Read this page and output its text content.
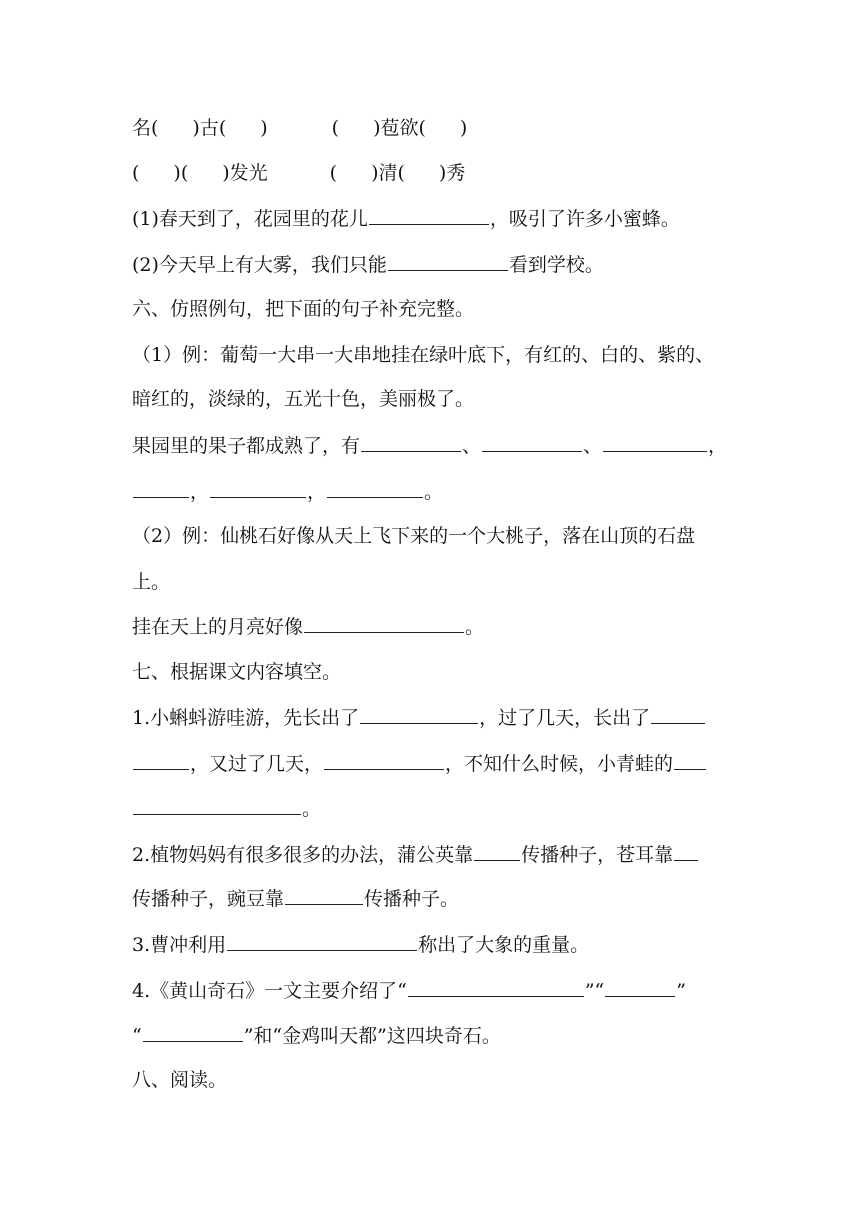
名( )古( )	( )苞欲( )
( )( )发光	( )清( )秀
(1)春天到了，花园里的花儿	，吸引了许多小蜜蜂。
(2)今天早上有大雾，我们只能	看到学校。
六、仿照例句，把下面的句子补充完整。
（1）例：葡萄一大串一大串地挂在绿叶底下，有红的、白的、紫的、
暗红的，淡绿的，五光十色，美丽极了。
果园里的果子都成熟了，有	、	、	，
，	，	。
（2）例：仙桃石好像从天上飞下来的一个大桃子，落在山顶的石盘
上。
挂在天上的月亮好像	。
七、根据课文内容填空。
1.小蝌蚪游哇游，先长出了	，过了几天，长出了
，又过了几天，	，不知什么时候，小青蛙的
。
2.植物妈妈有很多很多的办法，蒲公英靠	传播种子，苍耳靠
传播种子，豌豆靠	传播种子。
3.曹冲利用	称出了大象的重量。
4.《黄山奇石》一文主要介绍了“	”“	”
“	”和“金鸡叫天都”这四块奇石。
八、阅读。
